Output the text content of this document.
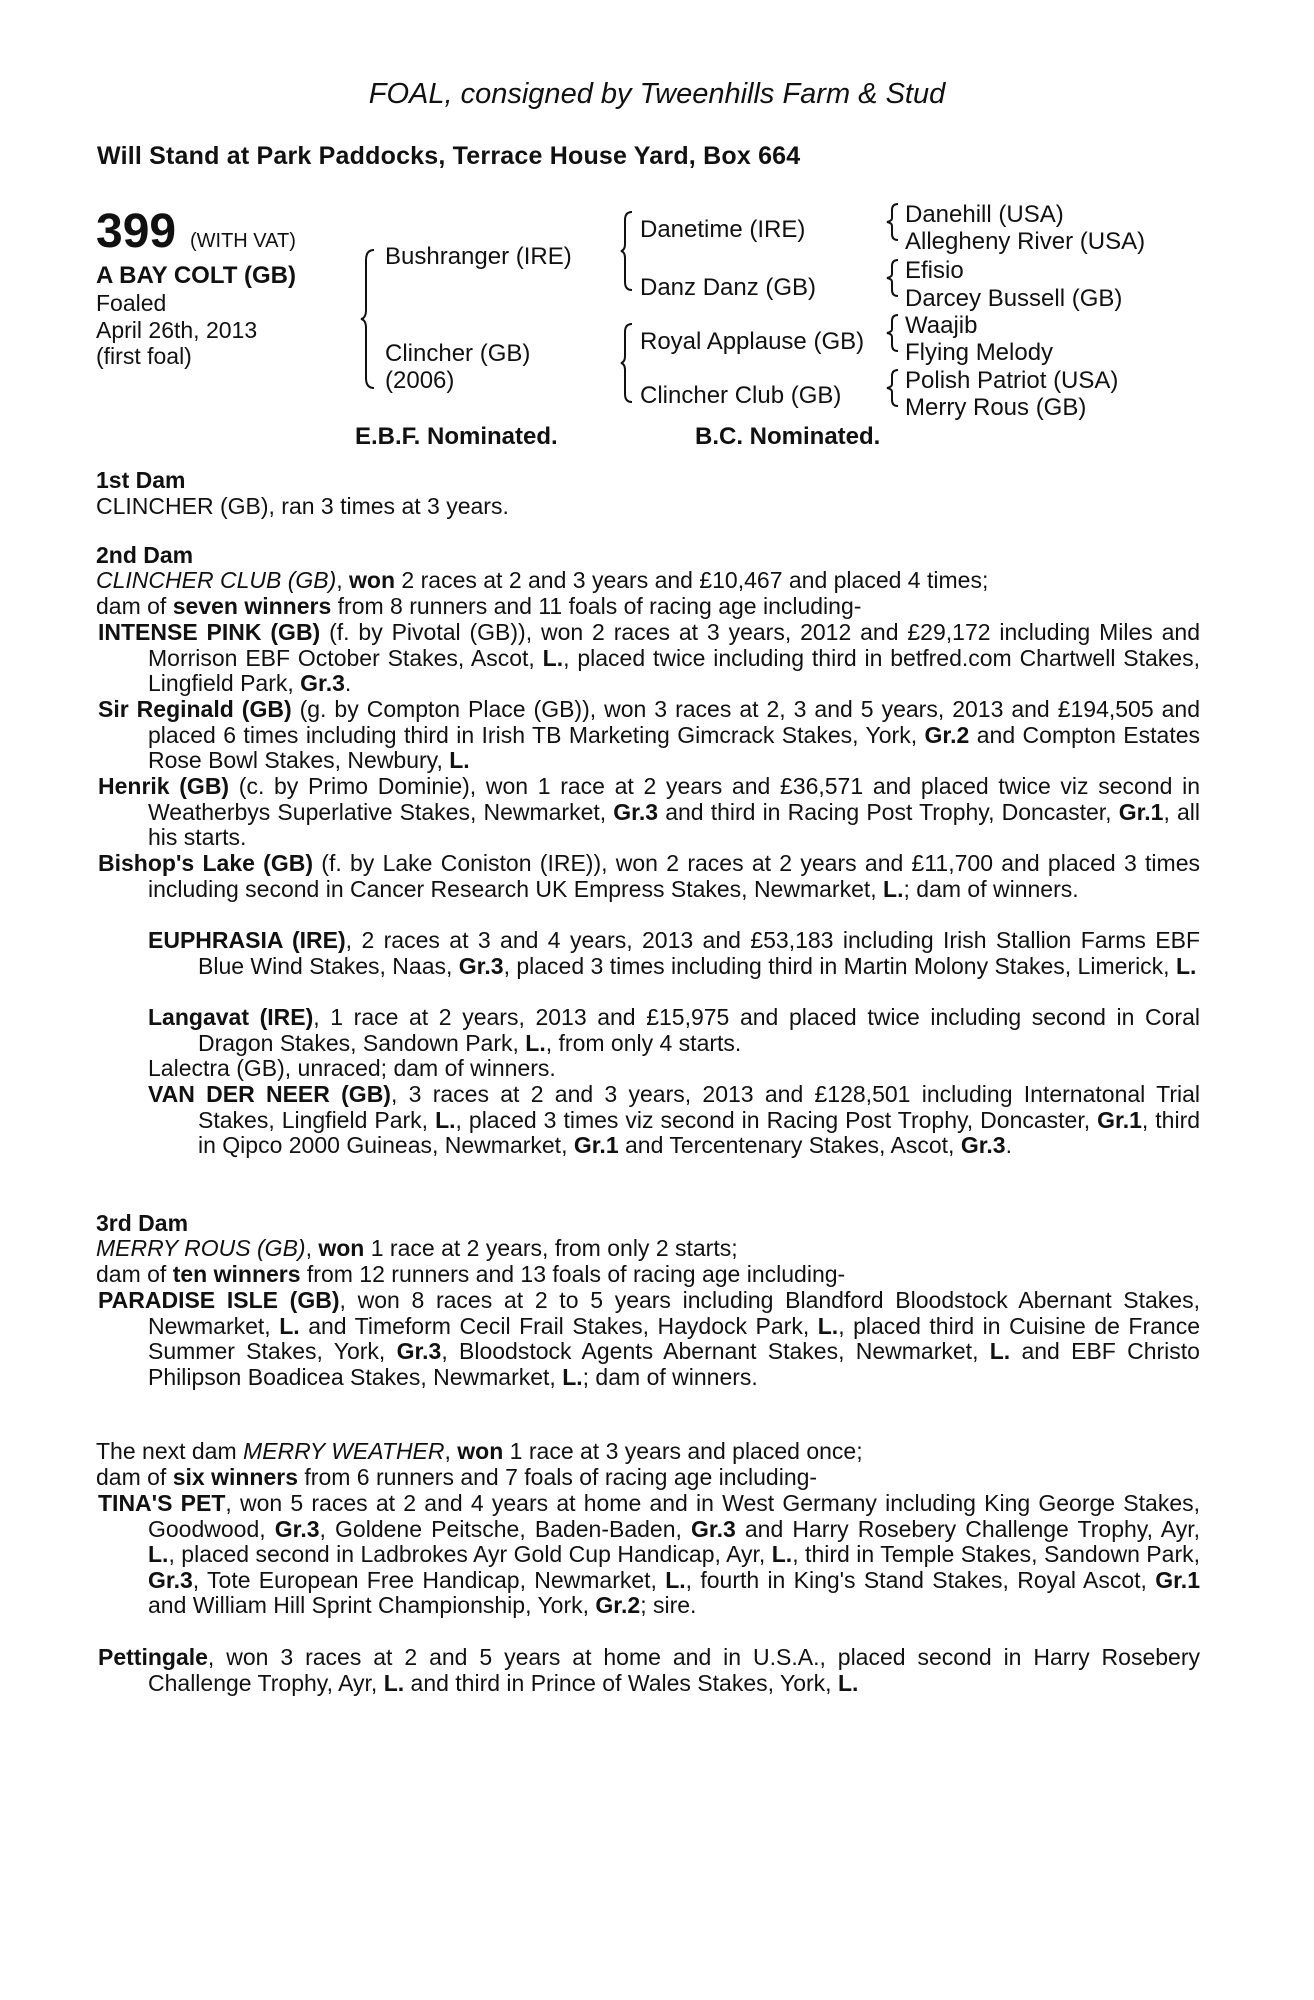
FOAL, consigned by Tweenhills Farm & Stud
Will Stand at Park Paddocks, Terrace House Yard, Box 664
399 (WITH VAT)
A BAY COLT (GB)
Foaled
April 26th, 2013
(first foal)
Bushranger (IRE)
Clincher (GB)
(2006)
Danetime (IRE)
Danz Danz (GB)
Royal Applause (GB)
Clincher Club (GB)
Danehill (USA)
Allegheny River (USA)
Efisio
Darcey Bussell (GB)
Waajib
Flying Melody
Polish Patriot (USA)
Merry Rous (GB)
E.B.F. Nominated.	B.C. Nominated.
1st Dam
CLINCHER (GB), ran 3 times at 3 years.
2nd Dam
CLINCHER CLUB (GB), won 2 races at 2 and 3 years and £10,467 and placed 4 times;
dam of seven winners from 8 runners and 11 foals of racing age including-
INTENSE PINK (GB) (f. by Pivotal (GB)), won 2 races at 3 years, 2012 and £29,172 including Miles and Morrison EBF October Stakes, Ascot, L., placed twice including third in betfred.com Chartwell Stakes, Lingfield Park, Gr.3.
Sir Reginald (GB) (g. by Compton Place (GB)), won 3 races at 2, 3 and 5 years, 2013 and £194,505 and placed 6 times including third in Irish TB Marketing Gimcrack Stakes, York, Gr.2 and Compton Estates Rose Bowl Stakes, Newbury, L.
Henrik (GB) (c. by Primo Dominie), won 1 race at 2 years and £36,571 and placed twice viz second in Weatherbys Superlative Stakes, Newmarket, Gr.3 and third in Racing Post Trophy, Doncaster, Gr.1, all his starts.
Bishop's Lake (GB) (f. by Lake Coniston (IRE)), won 2 races at 2 years and £11,700 and placed 3 times including second in Cancer Research UK Empress Stakes, Newmarket, L.; dam of winners.
EUPHRASIA (IRE), 2 races at 3 and 4 years, 2013 and £53,183 including Irish Stallion Farms EBF Blue Wind Stakes, Naas, Gr.3, placed 3 times including third in Martin Molony Stakes, Limerick, L.
Langavat (IRE), 1 race at 2 years, 2013 and £15,975 and placed twice including second in Coral Dragon Stakes, Sandown Park, L., from only 4 starts.
Lalectra (GB), unraced; dam of winners.
VAN DER NEER (GB), 3 races at 2 and 3 years, 2013 and £128,501 including Internatonal Trial Stakes, Lingfield Park, L., placed 3 times viz second in Racing Post Trophy, Doncaster, Gr.1, third in Qipco 2000 Guineas, Newmarket, Gr.1 and Tercentenary Stakes, Ascot, Gr.3.
3rd Dam
MERRY ROUS (GB), won 1 race at 2 years, from only 2 starts;
dam of ten winners from 12 runners and 13 foals of racing age including-
PARADISE ISLE (GB), won 8 races at 2 to 5 years including Blandford Bloodstock Abernant Stakes, Newmarket, L. and Timeform Cecil Frail Stakes, Haydock Park, L., placed third in Cuisine de France Summer Stakes, York, Gr.3, Bloodstock Agents Abernant Stakes, Newmarket, L. and EBF Christo Philipson Boadicea Stakes, Newmarket, L.; dam of winners.
The next dam MERRY WEATHER, won 1 race at 3 years and placed once;
dam of six winners from 6 runners and 7 foals of racing age including-
TINA'S PET, won 5 races at 2 and 4 years at home and in West Germany including King George Stakes, Goodwood, Gr.3, Goldene Peitsche, Baden-Baden, Gr.3 and Harry Rosebery Challenge Trophy, Ayr, L., placed second in Ladbrokes Ayr Gold Cup Handicap, Ayr, L., third in Temple Stakes, Sandown Park, Gr.3, Tote European Free Handicap, Newmarket, L., fourth in King's Stand Stakes, Royal Ascot, Gr.1 and William Hill Sprint Championship, York, Gr.2; sire.
Pettingale, won 3 races at 2 and 5 years at home and in U.S.A., placed second in Harry Rosebery Challenge Trophy, Ayr, L. and third in Prince of Wales Stakes, York, L.
